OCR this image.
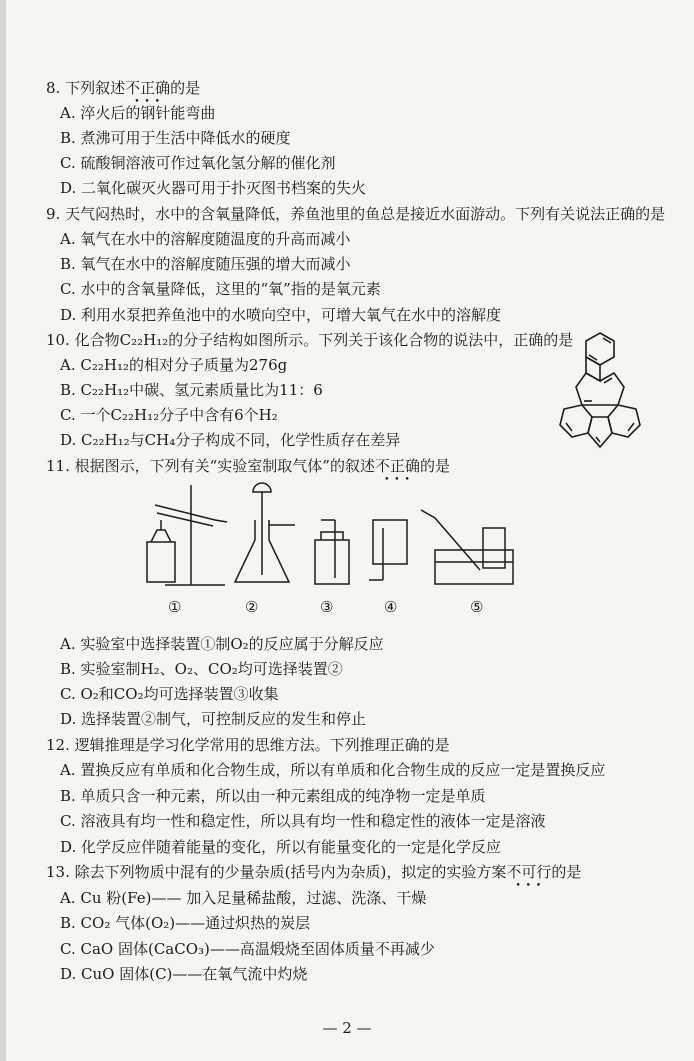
8. 下列叙述不正确 • • •的是
A. 淬火后的钢针能弯曲
B. 煮沸可用于生活中降低水的硬度
C. 硫酸铜溶液可作过氧化氢分解的催化剂
D. 二氧化碳灭火器可用于扑灭图书档案的失火
9. 天气闷热时，水中的含氧量降低，养鱼池里的鱼总是接近水面游动。下列有关说法正确的是
A. 氧气在水中的溶解度随温度的升高而减小
B. 氧气在水中的溶解度随压强的增大而减小
C. 水中的含氧量降低，这里的“氧”指的是氧元素
D. 利用水泵把养鱼池中的水喷向空中，可增大氧气在水中的溶解度
10. 化合物C₂₂H₁₂的分子结构如图所示。下列关于该化合物的说法中，正确的是
A. C₂₂H₁₂的相对分子质量为276g
B. C₂₂H₁₂中碳、氢元素质量比为11：6
C. 一个C₂₂H₁₂分子中含有6个H₂
D. C₂₂H₁₂与CH₄分子构成不同，化学性质存在差异
11. 根据图示，下列有关“实验室制取气体”的叙述不正确 • • •的是
①	②	③	④	⑤
A. 实验室中选择装置①制O₂的反应属于分解反应
B. 实验室制H₂、O₂、CO₂均可选择装置②
C. O₂和CO₂均可选择装置③收集
D. 选择装置②制气，可控制反应的发生和停止
12. 逻辑推理是学习化学常用的思维方法。下列推理正确的是
A. 置换反应有单质和化合物生成，所以有单质和化合物生成的反应一定是置换反应
B. 单质只含一种元素，所以由一种元素组成的纯净物一定是单质
C. 溶液具有均一性和稳定性，所以具有均一性和稳定性的液体一定是溶液
D. 化学反应伴随着能量的变化，所以有能量变化的一定是化学反应
13. 除去下列物质中混有的少量杂质(括号内为杂质)，拟定的实验方案不可行 • • •的是
A. Cu 粉(Fe)—— 加入足量稀盐酸，过滤、洗涤、干燥
B. CO₂ 气体(O₂)——通过炽热的炭层
C. CaO 固体(CaCO₃)——高温煅烧至固体质量不再减少
D. CuO 固体(C)——在氧气流中灼烧
— 2 —
